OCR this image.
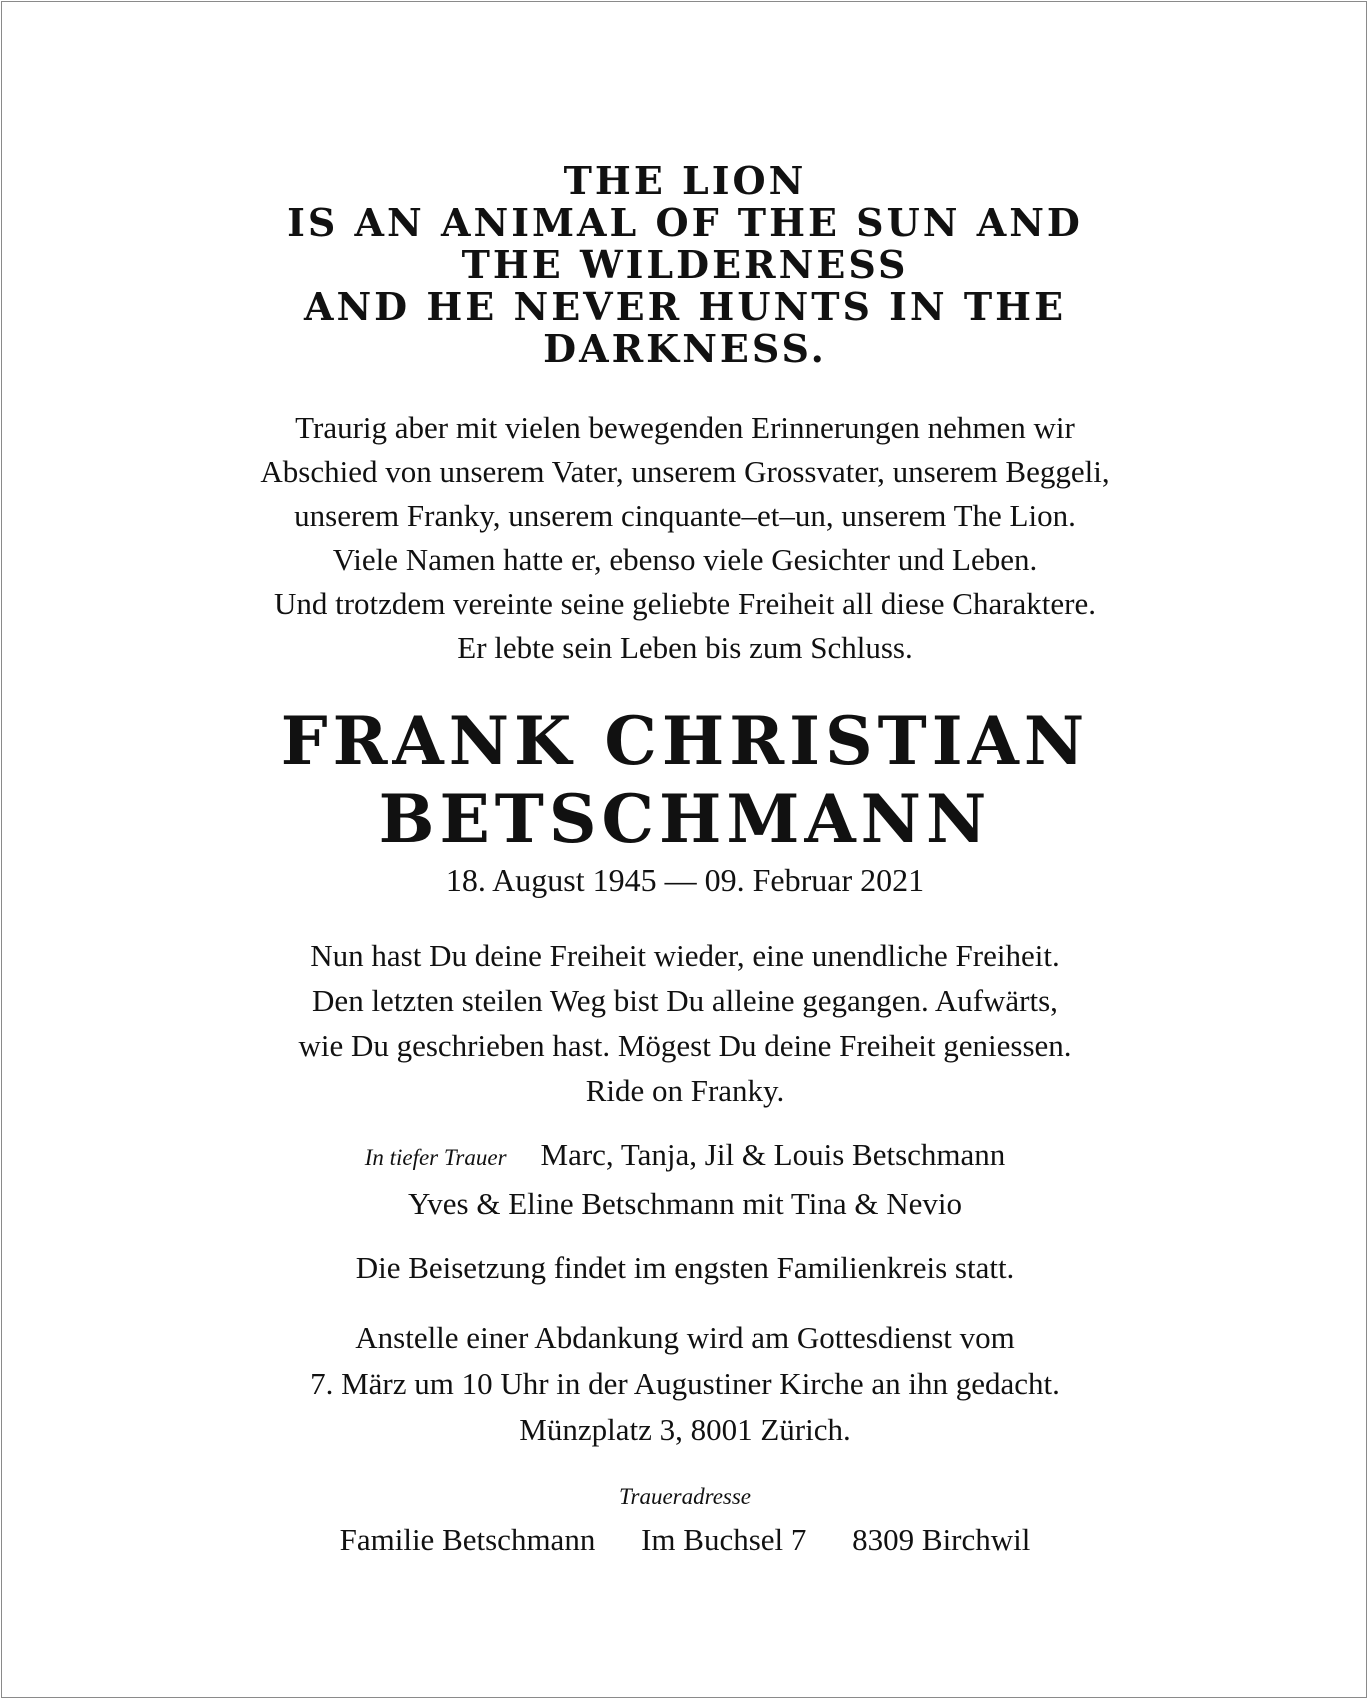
THE LION
IS AN ANIMAL OF THE SUN AND
THE WILDERNESS
AND HE NEVER HUNTS IN THE
DARKNESS.
Traurig aber mit vielen bewegenden Erinnerungen nehmen wir
Abschied von unserem Vater, unserem Grossvater, unserem Beggeli,
unserem Franky, unserem cinquante–et–un, unserem The Lion.
Viele Namen hatte er, ebenso viele Gesichter und Leben.
Und trotzdem vereinte seine geliebte Freiheit all diese Charaktere.
Er lebte sein Leben bis zum Schluss.
FRANK CHRISTIAN
BETSCHMANN
18. August 1945 — 09. Februar 2021
Nun hast Du deine Freiheit wieder, eine unendliche Freiheit.
Den letzten steilen Weg bist Du alleine gegangen. Aufwärts,
wie Du geschrieben hast. Mögest Du deine Freiheit geniessen.
Ride on Franky.
In tiefer Trauer Marc, Tanja, Jil & Louis Betschmann
Yves & Eline Betschmann mit Tina & Nevio
Die Beisetzung findet im engsten Familienkreis statt.
Anstelle einer Abdankung wird am Gottesdienst vom
7. März um 10 Uhr in der Augustiner Kirche an ihn gedacht.
Münzplatz 3, 8001 Zürich.
Traueradresse
Familie Betschmann Im Buchsel 7 8309 Birchwil
